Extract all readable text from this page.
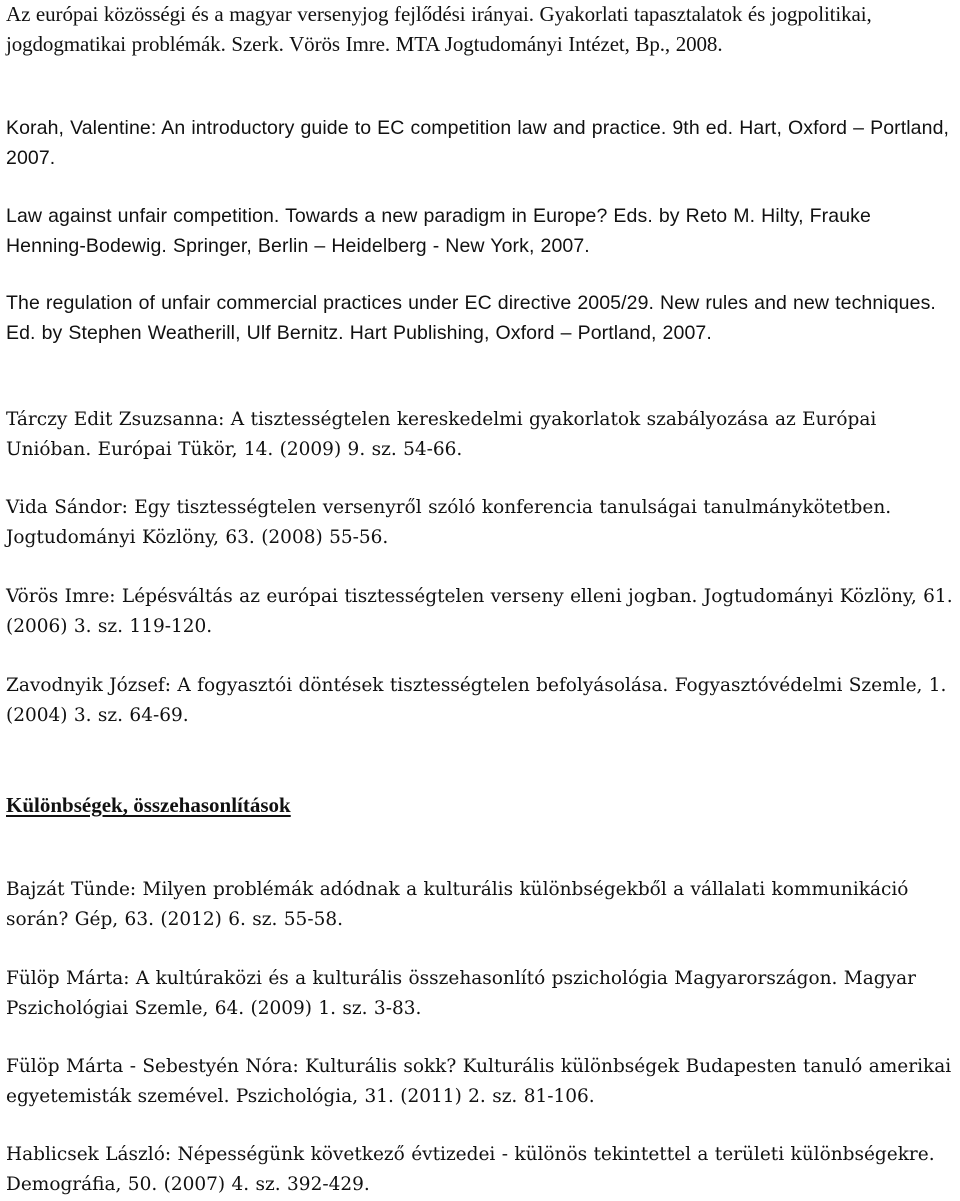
Az európai közösségi és a magyar versenyjog fejlődési irányai. Gyakorlati tapasztalatok és jogpolitikai, jogdogmatikai problémák. Szerk. Vörös Imre. MTA Jogtudományi Intézet, Bp., 2008.

Korah, Valentine: An introductory guide to EC competition law and practice. 9th ed. Hart, Oxford – Portland, 2007.

Law against unfair competition. Towards a new paradigm in Europe? Eds. by Reto M. Hilty, Frauke Henning-Bodewig. Springer, Berlin – Heidelberg - New York, 2007.

The regulation of unfair commercial practices under EC directive 2005/29. New rules and new techniques. Ed. by Stephen Weatherill, Ulf Bernitz. Hart Publishing, Oxford – Portland, 2007.

Tárczy Edit Zsuzsanna: A tisztességtelen kereskedelmi gyakorlatok szabályozása az Európai Unióban. Európai Tükör, 14. (2009) 9. sz. 54-66.

Vida Sándor: Egy tisztességtelen versenyről szóló konferencia tanulságai tanulmánykötetben. Jogtudományi Közlöny, 63. (2008) 55-56.

Vörös Imre: Lépésváltás az európai tisztességtelen verseny elleni jogban. Jogtudományi Közlöny, 61. (2006) 3. sz. 119-120.

Zavodnyik József: A fogyasztói döntések tisztességtelen befolyásolása. Fogyasztóvédelmi Szemle, 1. (2004) 3. sz. 64-69.

Különbségek, összehasonlítások

Bajzát Tünde: Milyen problémák adódnak a kulturális különbségekből a vállalati kommunikáció során? Gép, 63. (2012) 6. sz. 55-58.

Fülöp Márta: A kultúraközi és a kulturális összehasonlító pszichológia Magyarországon. Magyar Pszichológiai Szemle, 64. (2009) 1. sz. 3-83.

Fülöp Márta - Sebestyén Nóra: Kulturális sokk? Kulturális különbségek Budapesten tanuló amerikai egyetemisták szemével. Pszichológia, 31. (2011) 2. sz. 81-106.

Hablicsek László: Népességünk következő évtizedei - különös tekintettel a területi különbségekre. Demográfia, 50. (2007) 4. sz. 392-429.
